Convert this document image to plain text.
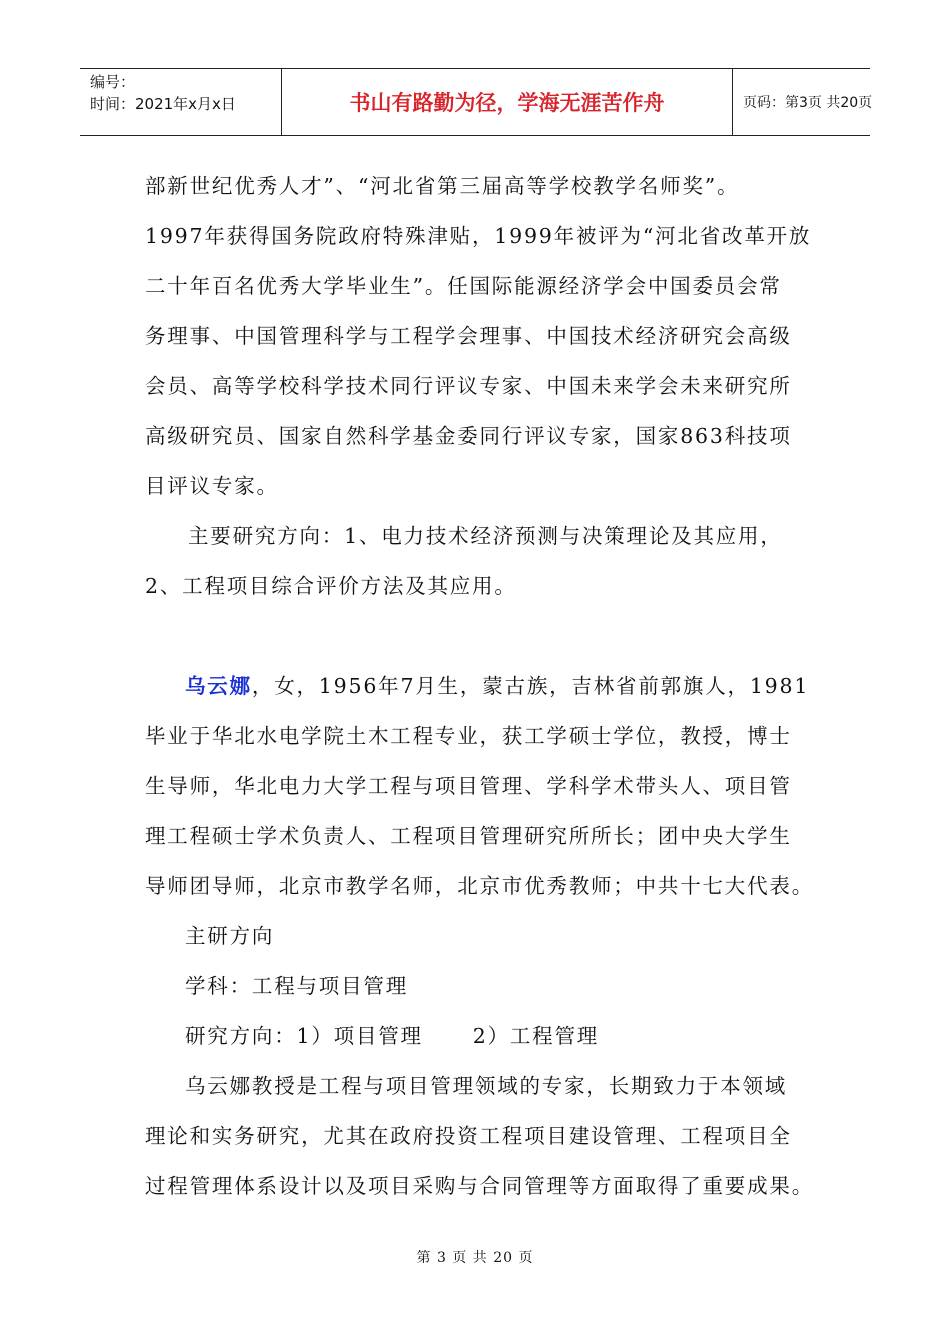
编号：
时间：2021年x月x日	书山有路勤为径，学海无涯苦作舟	页码：第3页 共20页
部新世纪优秀人才”、“河北省第三届高等学校教学名师奖”。
1997年获得国务院政府特殊津贴，1999年被评为“河北省改革开放
二十年百名优秀大学毕业生”。任国际能源经济学会中国委员会常
务理事、中国管理科学与工程学会理事、中国技术经济研究会高级
会员、高等学校科学技术同行评议专家、中国未来学会未来研究所
高级研究员、国家自然科学基金委同行评议专家，国家863科技项
目评议专家。
主要研究方向：1、电力技术经济预测与决策理论及其应用，
2、工程项目综合评价方法及其应用。
乌云娜，女，1956年7月生，蒙古族，吉林省前郭旗人，1981
毕业于华北水电学院土木工程专业，获工学硕士学位，教授，博士
生导师，华北电力大学工程与项目管理、学科学术带头人、项目管
理工程硕士学术负责人、工程项目管理研究所所长；团中央大学生
导师团导师，北京市教学名师，北京市优秀教师；中共十七大代表。
主研方向
学科：工程与项目管理
研究方向：1）项目管理      2）工程管理
乌云娜教授是工程与项目管理领域的专家，长期致力于本领域
理论和实务研究，尤其在政府投资工程项目建设管理、工程项目全
过程管理体系设计以及项目采购与合同管理等方面取得了重要成果。
第 3 页 共 20 页
